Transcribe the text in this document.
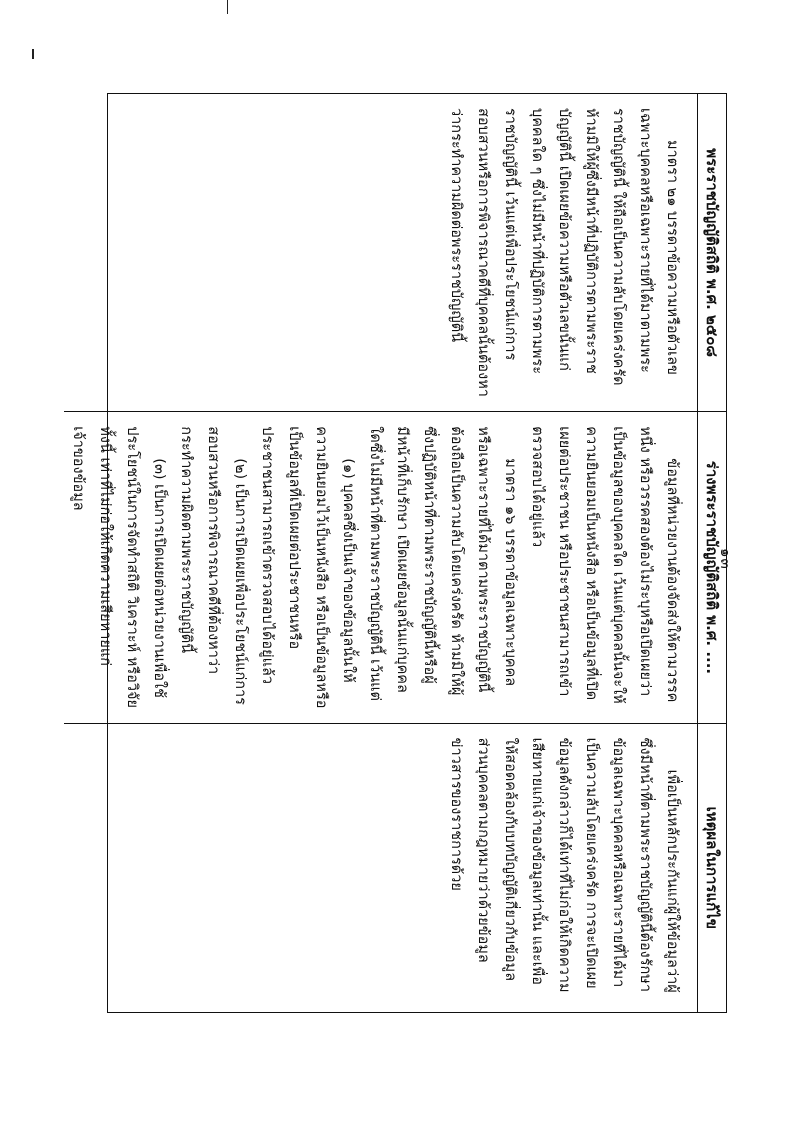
๑๓
พระราชบัญญัติสถิติ พ.ศ. ๒๕๐๘
ร่างพระราชบัญญัติสถิติ พ.ศ. ....
เหตุผลในการแก้ไข

มาตรา ๒๑ บรรดาข้อความหรือตัวเลขเฉพาะบุคคลหรือเฉพาะรายที่ได้มาตามพระราชบัญญัตินี้ ให้ถือเป็นความลับโดยเคร่งครัด ห้ามมิให้ผู้ซึ่งมีหน้าที่ปฏิบัติการตามพระราชบัญญัตินี้ เปิดเผยข้อความหรือตัวเลขนั้นแก่บุคคลใด ๆ ซึ่งไม่มีหน้าที่ปฏิบัติการตามพระราชบัญญัตินี้ เว้นแต่เพื่อประโยชน์แก่การสอบสวนหรือการพิจารณาคดีที่บุคคลนั้นต้องหาว่ากระทำความผิดต่อพระราชบัญญัตินี้

ข้อมูลที่หน่วยงานต้องจัดส่งให้ตามวรรคหนึ่ง หรือวรรคสองต้องไม่ระบุหรือเปิดเผยว่าเป็นข้อมูลของบุคคลใด เว้นแต่บุคคลนั้นจะให้ความยินยอมเป็นหนังสือ หรือเป็นข้อมูลที่เปิดเผยต่อประชาชน หรือประชาชนสามารถเข้าตรวจสอบได้อยู่แล้ว

มาตรา ๑๖ บรรดาข้อมูลเฉพาะบุคคลหรือเฉพาะรายที่ได้มาตามพระราชบัญญัตินี้ ต้องถือเป็นความลับโดยเคร่งครัด ห้ามมิให้ผู้ซึ่งปฏิบัติหน้าที่ตามพระราชบัญญัตินี้หรือผู้มีหน้าที่เก็บรักษา เปิดเผยข้อมูลนั้นแก่บุคคลใดซึ่งไม่มีหน้าที่ตามพระราชบัญญัตินี้ เว้นแต่

(๑) บุคคลซึ่งเป็นเจ้าของข้อมูลนั้นให้ความยินยอมไว้เป็นหนังสือ หรือเป็นข้อมูลหรือเป็นข้อมูลที่เปิดเผยต่อประชาชนหรือประชาชนสามารถเข้าตรวจสอบได้อยู่แล้ว

(๒) เป็นการเปิดเผยเพื่อประโยชน์แก่การสอบสวนหรือการพิจารณาคดีที่ต้องหาว่ากระทำความผิดตามพระราชบัญญัตินี้

(๓) เป็นการเปิดเผยต่อหน่วยงานเพื่อใช้ประโยชน์ในการจัดทำสถิติ วิเคราะห์ หรือวิจัย ทั้งนี้ เท่าที่ไม่ก่อให้เกิดความเสียหายแก่เจ้าของข้อมูล

เพื่อเป็นหลักประกันแก่ผู้ให้ข้อมูลว่าผู้ซึ่งมีหน้าที่ตามพระราชบัญญัตินี้ต้องรักษาข้อมูลเฉพาะบุคคลหรือเฉพาะรายที่ได้มาเป็นความลับโดยเคร่งครัด การจะเปิดเผยข้อมูลดังกล่าวก็ได้เท่าที่ไม่ก่อให้เกิดความเสียหายแก่เจ้าของข้อมูลเท่านั้น และเพื่อให้สอดคล้องกับบทบัญญัติเกี่ยวกับข้อมูลส่วนบุคคลตามกฎหมายว่าด้วยข้อมูลข่าวสารของราชการด้วย
